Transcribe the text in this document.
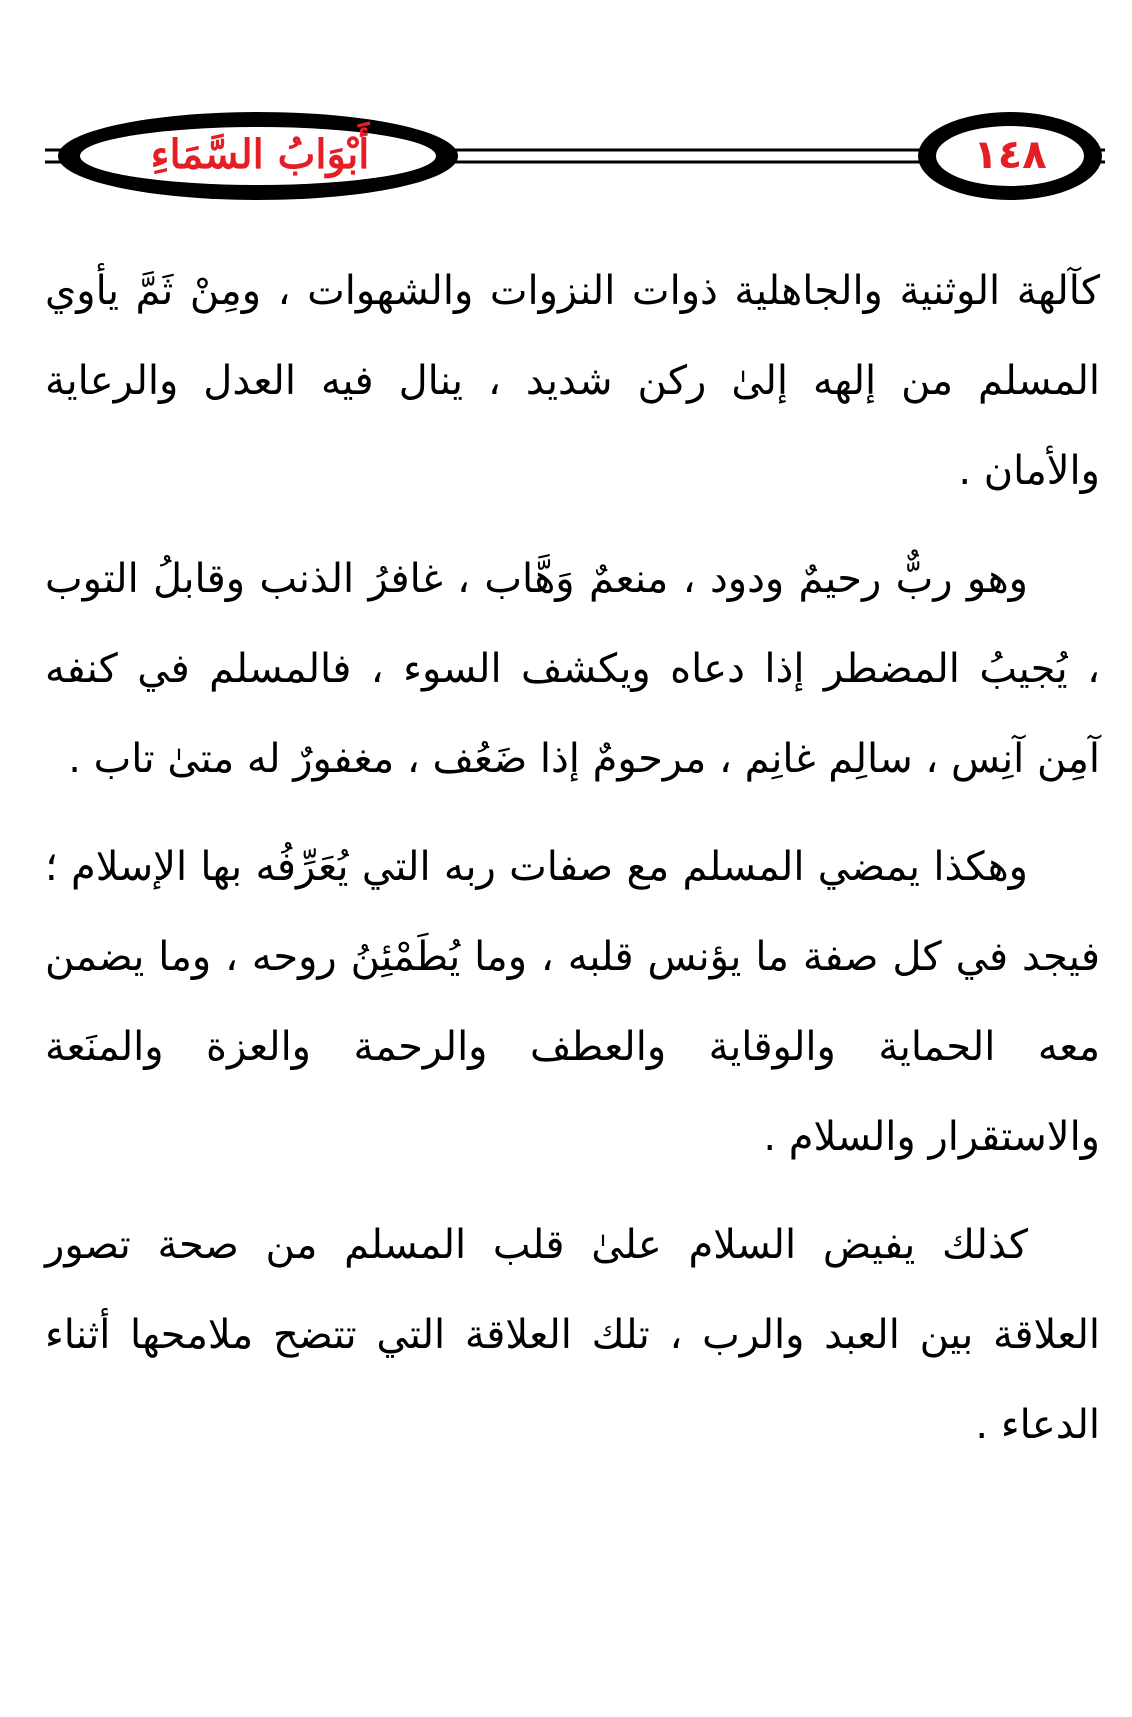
أَبْوَابُ السَّمَاءِ	١٤٨

كآلهة الوثنية والجاهلية ذوات النزوات والشهوات ، ومِنْ ثَمَّ يأوي المسلم من إلهه إلىٰ ركن شديد ، ينال فيه العدل والرعاية والأمان .

وهو ربٌّ رحيمٌ ودود ، منعمٌ وَهَّاب ، غافرُ الذنب وقابلُ التوب ، يُجيبُ المضطر إذا دعاه ويكشف السوء ، فالمسلم في كنفه آمِن آنِس ، سالِم غانِم ، مرحومٌ إذا ضَعُف ، مغفورٌ له متىٰ تاب .

وهكذا يمضي المسلم مع صفات ربه التي يُعَرِّفُه بها الإسلام ؛ فيجد في كل صفة ما يؤنس قلبه ، وما يُطَمْئِنُ روحه ، وما يضمن معه الحماية والوقاية والعطف والرحمة والعزة والمنَعة والاستقرار والسلام .

كذلك يفيض السلام علىٰ قلب المسلم من صحة تصور العلاقة بين العبد والرب ، تلك العلاقة التي تتضح ملامحها أثناء الدعاء .
